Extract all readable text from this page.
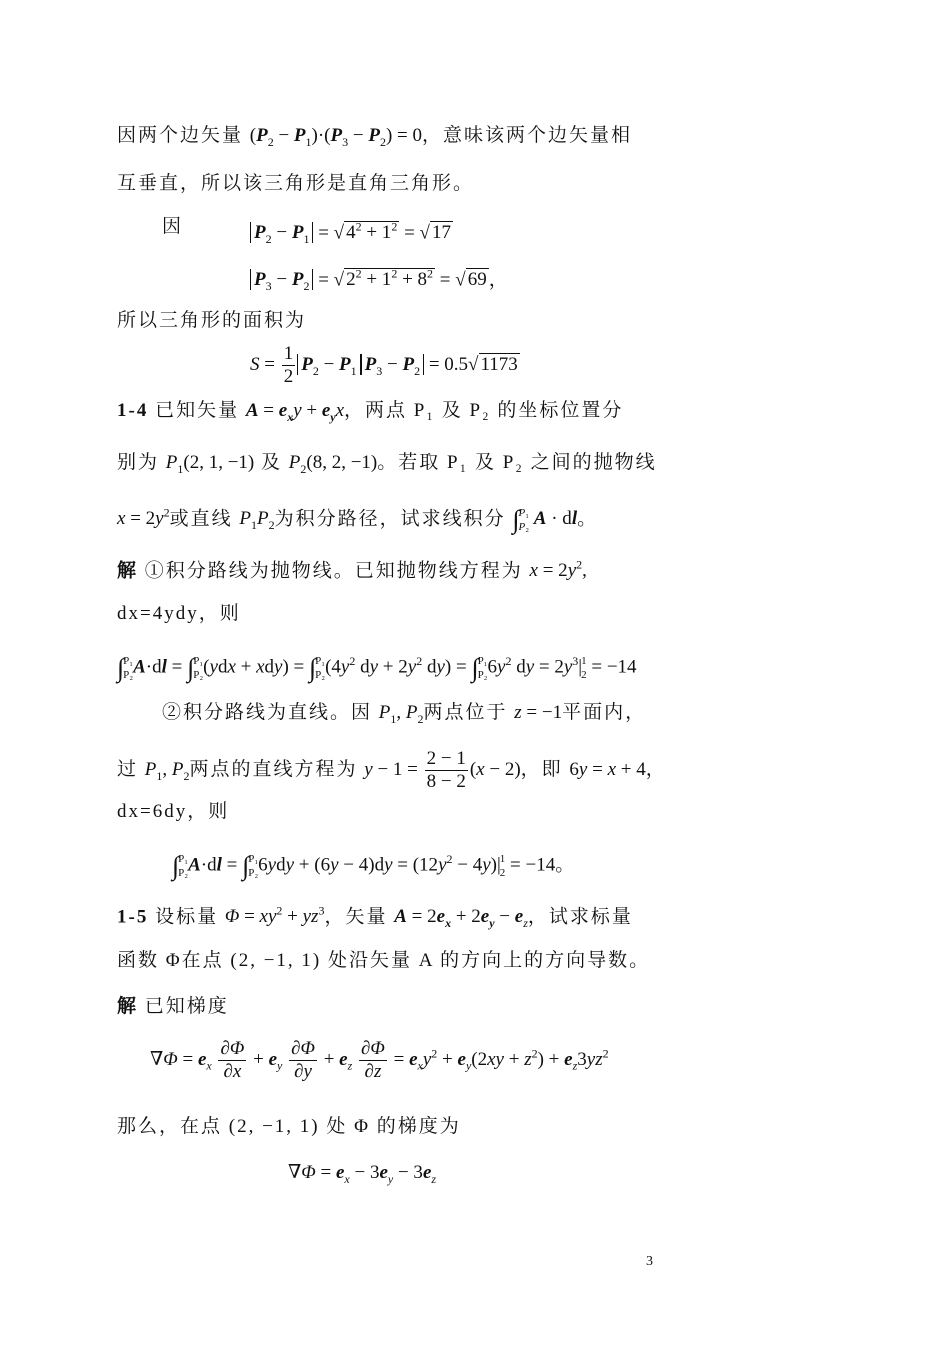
因两个边矢量 $(P_2 - P_1)\cdot(P_3 - P_2) = 0$，意味该两个边矢量相
互垂直，所以该三角形是直角三角形。
因	$P_2 - P_1$ = √ $4^2 + 1^2$ = √ 17
$P_3 - P_2$ = √ $2^2 + 1^2 + 8^2$ = √ 69 ，
所以三角形的面积为
$S = \frac{1}{2} P_2 - P_1$ $P_3 - P_2 = 0.5√$ 1173
1-4 已知矢量 $A = e_xy + e_yx$，两点 P₁ 及 P₂ 的坐标位置分
别为 $P_1(2$, 1, −1) 及 $P_2(8$, 2, −1)。若取 P₁ 及 P₂ 之间的抛物线
$x = 2y^2$或直线 $P_1P_2$为积分路径，试求线积分 ∫ P₁
P₂ A · dl。
解 ①积分路线为抛物线。已知抛物线方程为 $x = 2y^2$,
dx=4ydy，则
∫ P₁
P₂ A·dl = ∫ P₁
P₂ (ydx + xdy) = ∫ P₁
P₂ ($4y^2$ dy + $2y^2$ dy) = ∫ P₁
P₂ $6y^2$ dy = $2y^3|$ 1
2 = −14
②积分路线为直线。因 $P_1$, $P_2$两点位于 z = −1平面内，
过 $P_1$, $P_2$两点的直线方程为 $y - 1 = \frac{2 - 1}{8 - 2} (x - 2)$，即 6y = x + 4，
dx=6dy，则
∫ P₁
P₂ A·dl = ∫ P₁
P₂ $6ydy + (6y - 4)dy = (12y^2 - 4y)|$ 1
2 = −14。
1-5 设标量 $\Phi = xy^2 + yz^3$，矢量 $A = 2e_x + 2e_y - e_z$，试求标量
函数 Φ在点 (2, −1, 1) 处沿矢量 A 的方向上的方向导数。
解 已知梯度
$\nabla\Phi = e_x \frac{\partial\Phi}{\partial x} + e_y \frac{\partial\Phi}{\partial y} + e_z \frac{\partial\Phi}{\partial z} = e_xy^2 + e_y(2xy + z^2) + e_z3yz^2$
那么，在点 (2, −1, 1) 处 Φ 的梯度为
$\nabla\Phi = e_x - 3e_y - 3e_z$
3
